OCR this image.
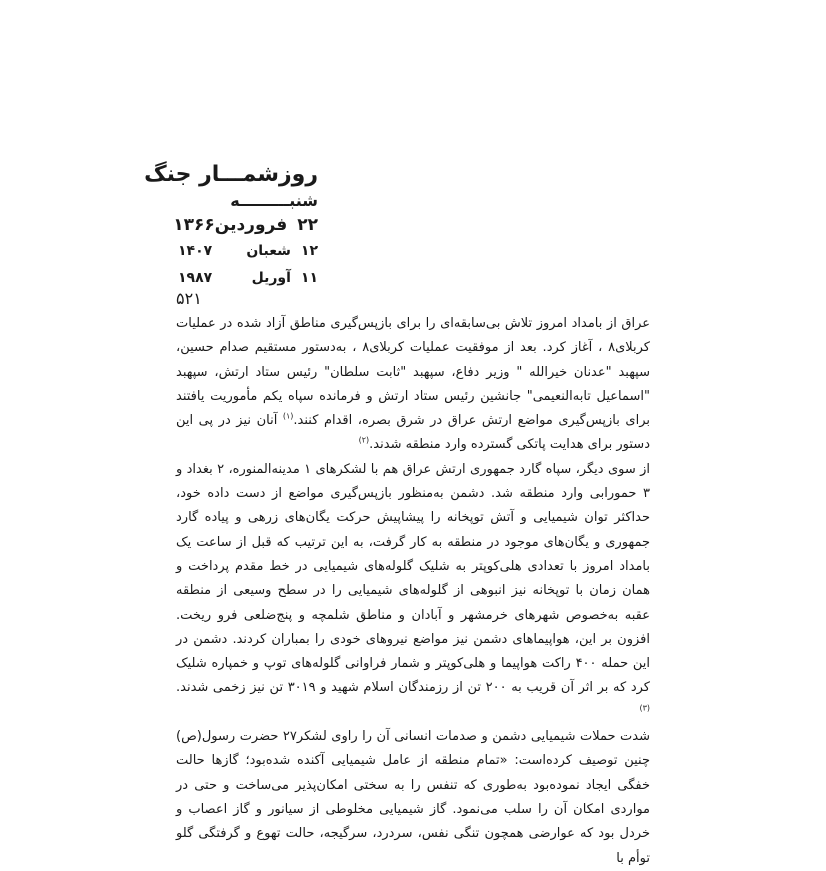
روزشمـــار جنگ
شنبـــــــــه
۲۲فروردین
۱۳۶۶
۱۲شعبان
۱۴۰۷
۱۱آوریل
۱۹۸۷
۵۲۱

عراق از بامداد امروز تلاش بی‌سابقه‌ای را برای بازپس‌گیری مناطق آزاد شده در عملیات کربلای۸ ، آغاز کرد. بعد از موفقیت عملیات کربلای۸ ، به‌دستور مستقیم صدام حسین، سپهبد "عدنان خیرالله " وزیر دفاع، سپهبد "ثابت سلطان" رئیس ستاد ارتش، سپهبد "اسماعیل تابه‌النعیمی" جانشین رئیس ستاد ارتش و فرمانده سپاه یکم مأموریت یافتند برای بازپس‌گیری مواضع ارتش عراق در شرق بصره، اقدام کنند.$^{(۱)}$ آنان نیز در پی این دستور برای هدایت پاتکی گسترده وارد منطقه شدند.$^{(۲)}$

از سوی دیگر، سپاه گارد جمهوری ارتش عراق هم با لشکرهای ۱ مدینه‌المنوره، ۲ بغداد و ۳ حمورابی وارد منطقه شد. دشمن به‌منظور بازپس‌گیری مواضع از دست داده خود، حداکثر توان شیمیایی و آتش توپخانه را پیشاپیش حرکت یگان‌های زرهی و پیاده گارد جمهوری و یگان‌های موجود در منطقه به کار گرفت، به این ترتیب که قبل از ساعت یک بامداد امروز با تعدادی هلی‌کوپتر به شلیک گلوله‌های شیمیایی در خط مقدم پرداخت و همان زمان با توپخانه نیز انبوهی از گلوله‌های شیمیایی را در سطح وسیعی از منطقه عقبه به‌خصوص شهرهای خرمشهر و آبادان و مناطق شلمچه و پنج‌ضلعی فرو ریخت. افزون بر این، هواپیماهای دشمن نیز مواضع نیروهای خودی را بمباران کردند. دشمن در این حمله ۴۰۰ راکت هواپیما و هلی‌کوپتر و شمار فراوانی گلوله‌های توپ و خمپاره شلیک کرد که بر اثر آن قریب به ۲۰۰ تن از رزمندگان اسلام شهید و ۳۰۱۹ تن نیز زخمی شدند.$^{(۳)}$

شدت حملات شیمیایی دشمن و صدمات انسانی آن را راوی لشکر۲۷ حضرت رسول(ص) چنین توصیف کرده‌است: «تمام منطقه از عامل شیمیایی آکنده شده‌بود؛ گازها حالت خفگی ایجاد نموده‌بود به‌طوری که تنفس را به سختی امکان‌پذیر می‌ساخت و حتی در مواردی امکان آن را سلب می‌نمود. گاز شیمیایی مخلوطی از سیانور و گاز اعصاب و خردل بود که عوارضی همچون تنگی نفس، سردرد، سرگیجه، حالت تهوع و گرفتگی گلو توأم با
